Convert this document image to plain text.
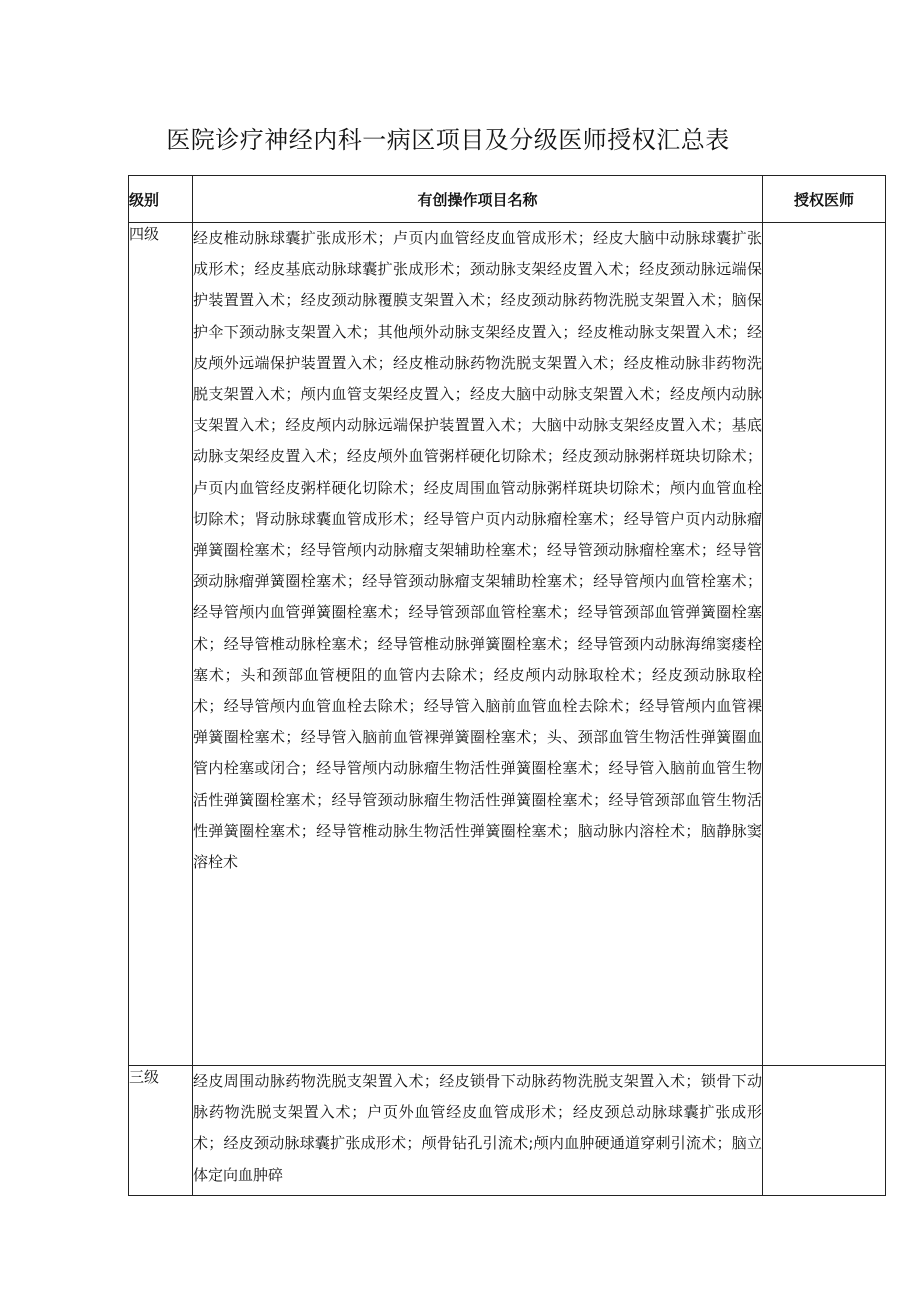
医院诊疗神经内科一病区项目及分级医师授权汇总表
级别	有创操作项目名称	授权医师
四级	经皮椎动脉球囊扩张成形术；卢页内血管经皮血管成形术；经皮大脑中动脉球囊扩张成形术；经皮基底动脉球囊扩张成形术；颈动脉支架经皮置入术；经皮颈动脉远端保护装置置入术；经皮颈动脉覆膜支架置入术；经皮颈动脉药物洗脱支架置入术；脑保护伞下颈动脉支架置入术；其他颅外动脉支架经皮置入；经皮椎动脉支架置入术；经皮颅外远端保护装置置入术；经皮椎动脉药物洗脱支架置入术；经皮椎动脉非药物洗脱支架置入术；颅内血管支架经皮置入；经皮大脑中动脉支架置入术；经皮颅内动脉支架置入术；经皮颅内动脉远端保护装置置入术；大脑中动脉支架经皮置入术；基底动脉支架经皮置入术；经皮颅外血管粥样硬化切除术；经皮颈动脉粥样斑块切除术；卢页内血管经皮粥样硬化切除术；经皮周围血管动脉粥样斑块切除术；颅内血管血栓切除术；肾动脉球囊血管成形术；经导管户页内动脉瘤栓塞术；经导管户页内动脉瘤弹簧圈栓塞术；经导管颅内动脉瘤支架辅助栓塞术；经导管颈动脉瘤栓塞术；经导管颈动脉瘤弹簧圈栓塞术；经导管颈动脉瘤支架辅助栓塞术；经导管颅内血管栓塞术；经导管颅内血管弹簧圈栓塞术；经导管颈部血管栓塞术；经导管颈部血管弹簧圈栓塞术；经导管椎动脉栓塞术；经导管椎动脉弹簧圈栓塞术；经导管颈内动脉海绵窦瘘栓塞术；头和颈部血管梗阻的血管内去除术；经皮颅内动脉取栓术；经皮颈动脉取栓术；经导管颅内血管血栓去除术；经导管入脑前血管血栓去除术；经导管颅内血管裸弹簧圈栓塞术；经导管入脑前血管裸弹簧圈栓塞术；头、颈部血管生物活性弹簧圈血管内栓塞或闭合；经导管颅内动脉瘤生物活性弹簧圈栓塞术；经导管入脑前血管生物活性弹簧圈栓塞术；经导管颈动脉瘤生物活性弹簧圈栓塞术；经导管颈部血管生物活性弹簧圈栓塞术；经导管椎动脉生物活性弹簧圈栓塞术；脑动脉内溶栓术；脑静脉窦溶栓术	
三级	经皮周围动脉药物洗脱支架置入术；经皮锁骨下动脉药物洗脱支架置入术；锁骨下动脉药物洗脱支架置入术；户页外血管经皮血管成形术；经皮颈总动脉球囊扩张成形术；经皮颈动脉球囊扩张成形术；颅骨钻孔引流术;颅内血肿硬通道穿刺引流术；脑立体定向血肿碎	
